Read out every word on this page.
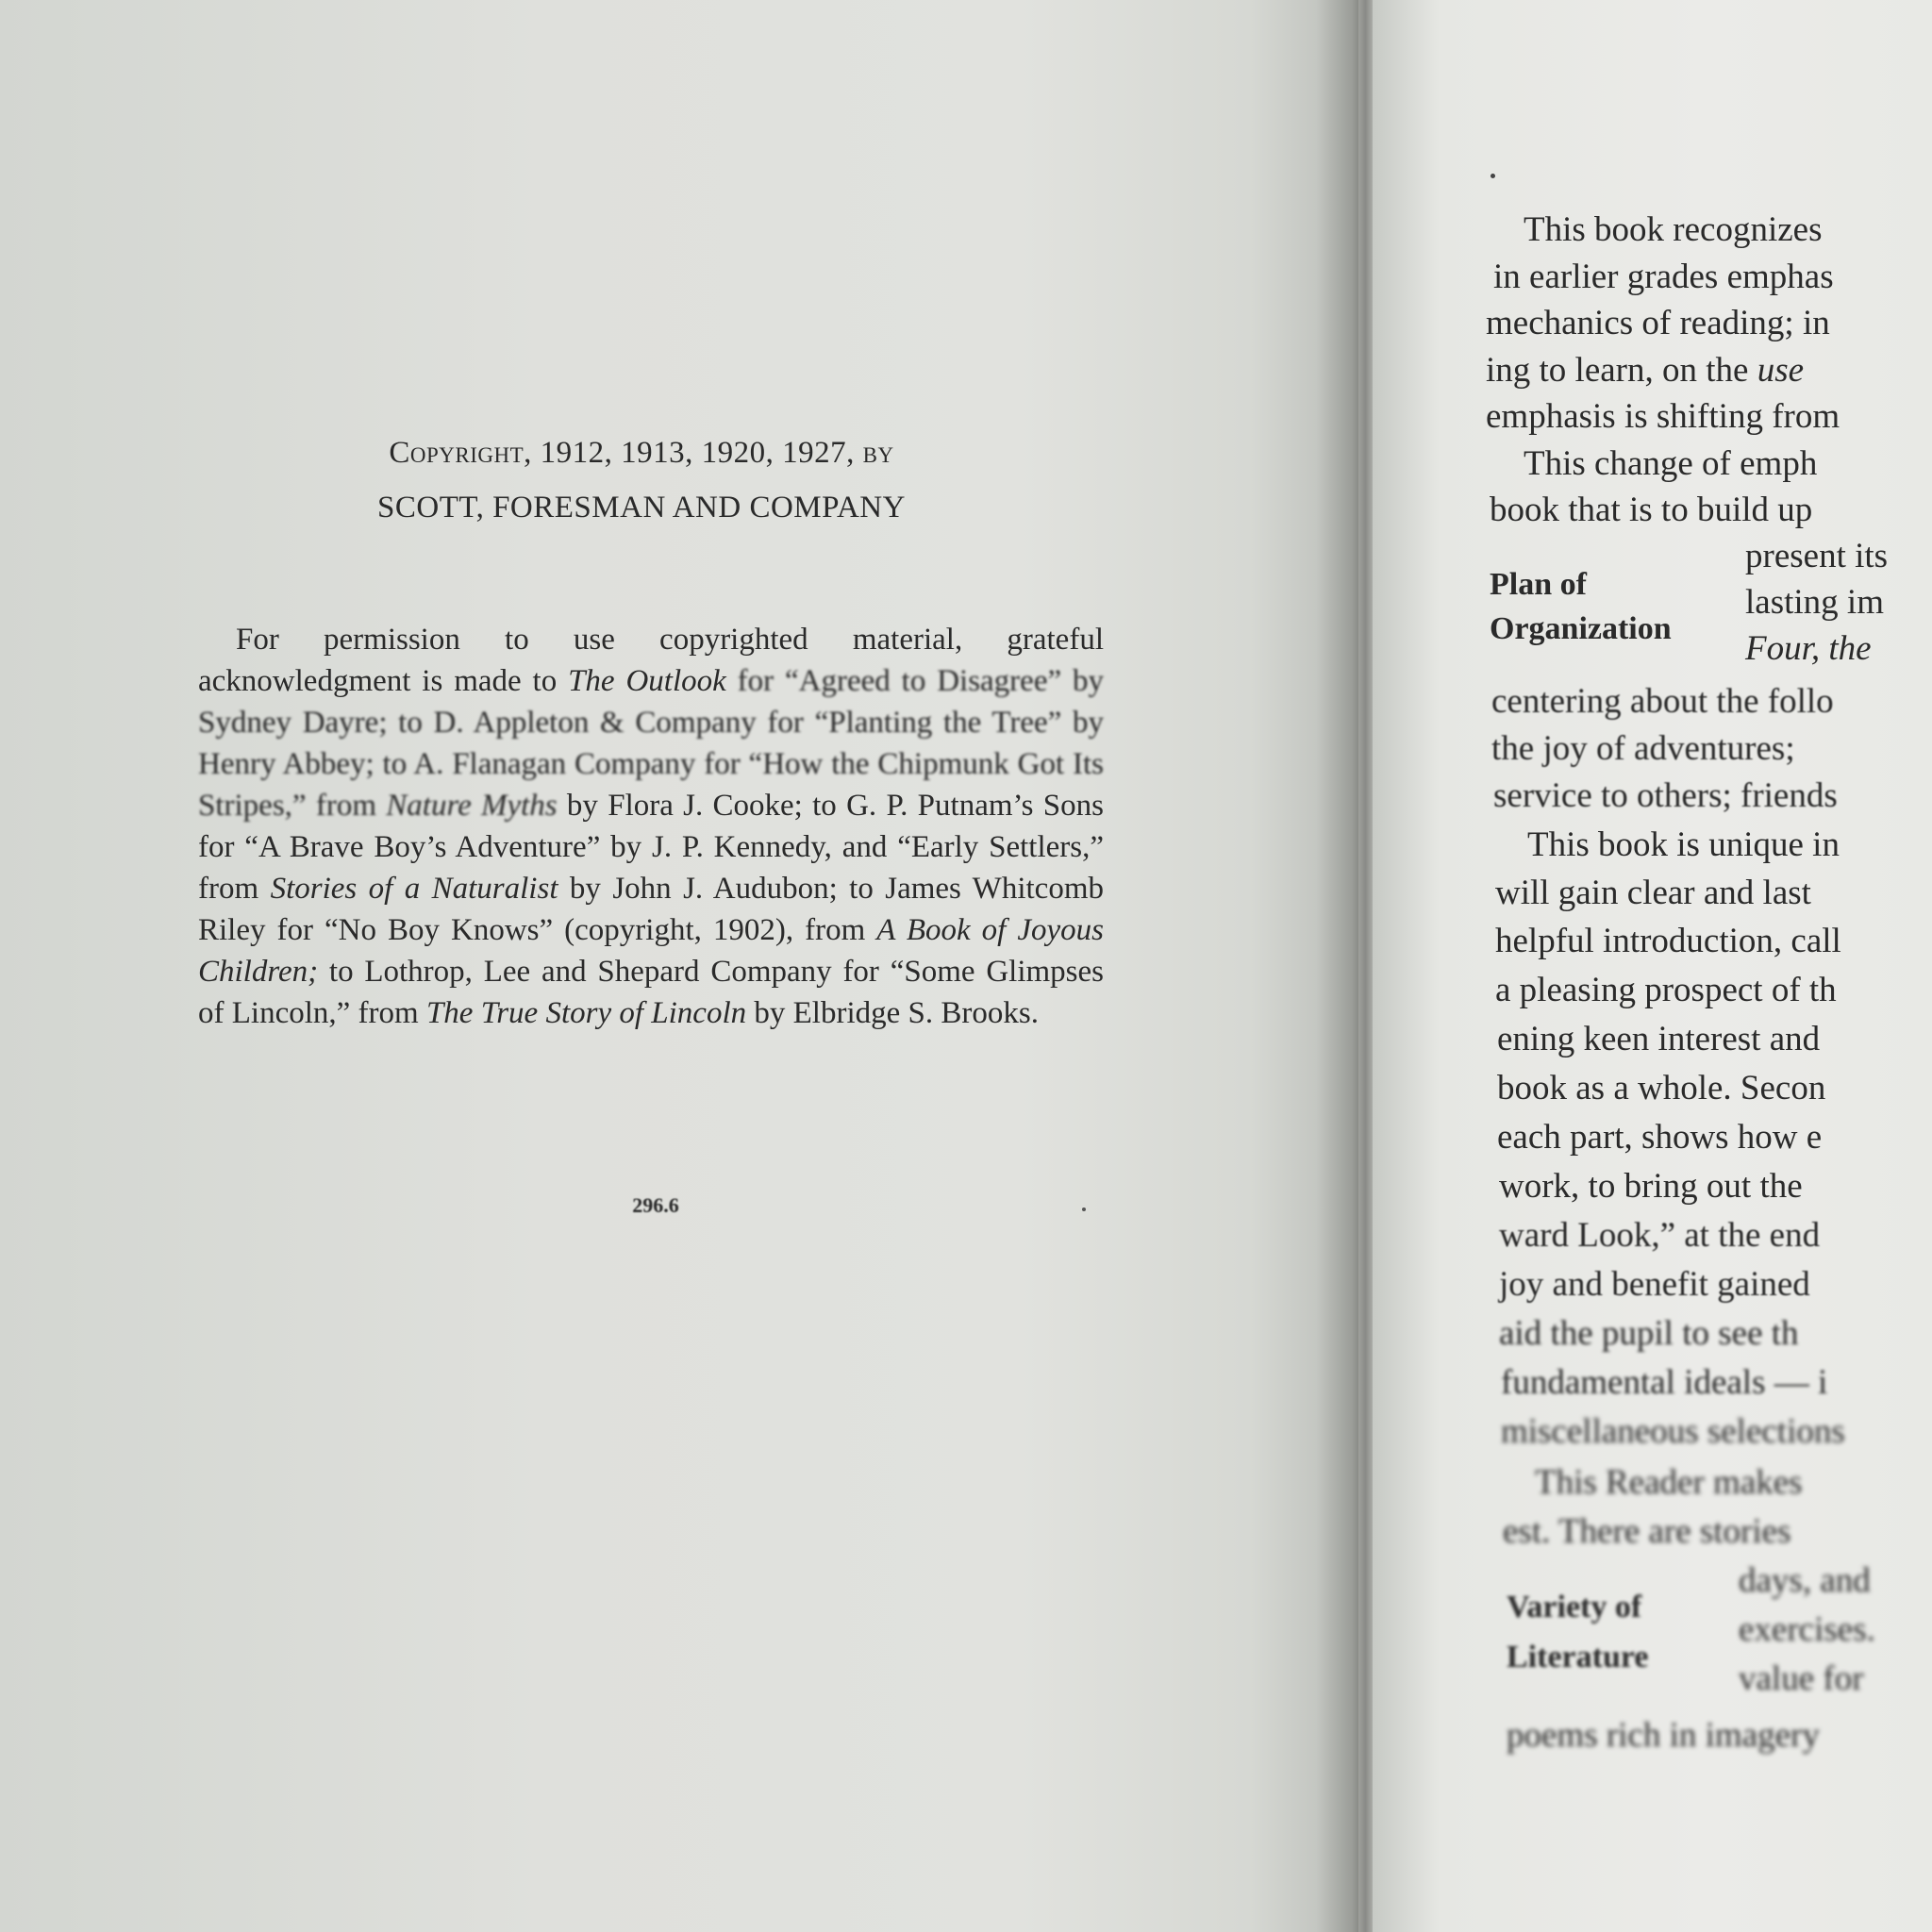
Copyright, 1912, 1913, 1920, 1927, by
SCOTT, FORESMAN AND COMPANY
For permission to use copyrighted material, grateful acknowledgment is made to The Outlook for “Agreed to Disagree” by Sydney Dayre; to D. Appleton & Company for “Planting the Tree” by Henry Abbey; to A. Flanagan Company for “How the Chipmunk Got Its Stripes,” from Nature Myths by Flora J. Cooke; to G. P. Putnam’s Sons for “A Brave Boy’s Adventure” by J. P. Kennedy, and “Early Settlers,” from Stories of a Naturalist by John J. Audubon; to James Whitcomb Riley for “No Boy Knows” (copyright, 1902), from A Book of Joyous Children; to Lothrop, Lee and Shepard Company for “Some Glimpses of Lincoln,” from The True Story of Lincoln by Elbridge S. Brooks.
296.6
This book recognizes
in earlier grades emphas
mechanics of reading; in
ing to learn, on the use
emphasis is shifting from
This change of emph
book that is to build up
Plan of
Organization
present its
lasting im
Four, the
centering about the follo
the joy of adventures;
service to others; friends
This book is unique in
will gain clear and last
helpful introduction, call
a pleasing prospect of th
ening keen interest and
book as a whole. Secon
each part, shows how e
work, to bring out the
ward Look,” at the end
joy and benefit gained
aid the pupil to see th
fundamental ideals — i
miscellaneous selections
This Reader makes
est. There are stories
Variety of
Literature
days, and
exercises.
value for
poems rich in imagery
